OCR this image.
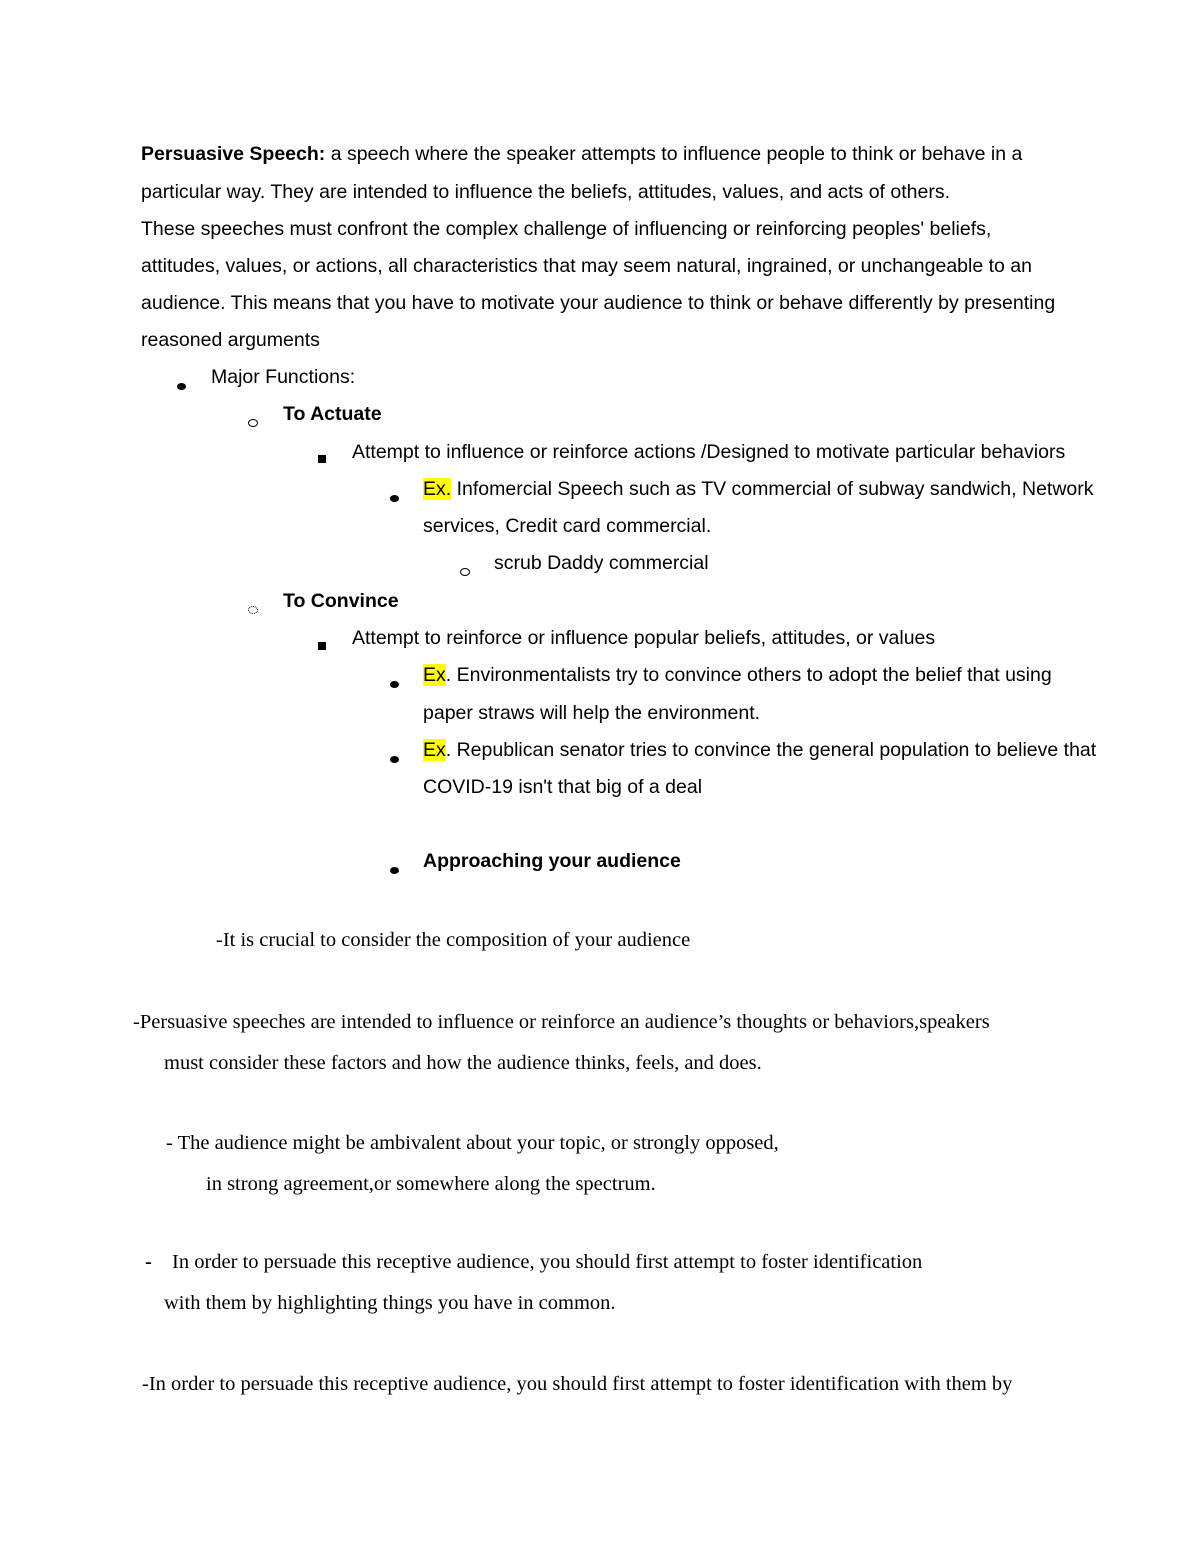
Persuasive Speech: a speech where the speaker attempts to influence people to think or behave in a
particular way. They are intended to influence the beliefs, attitudes, values, and acts of others.
These speeches must confront the complex challenge of influencing or reinforcing peoples' beliefs,
attitudes, values, or actions, all characteristics that may seem natural, ingrained, or unchangeable to an
audience. This means that you have to motivate your audience to think or behave differently by presenting
reasoned arguments
Major Functions:
To Actuate
Attempt to influence or reinforce actions /Designed to motivate particular behaviors
Ex. Infomercial Speech such as TV commercial of subway sandwich, Network
services, Credit card commercial.
scrub Daddy commercial
To Convince
Attempt to reinforce or influence popular beliefs, attitudes, or values
Ex. Environmentalists try to convince others to adopt the belief that using
paper straws will help the environment.
Ex. Republican senator tries to convince the general population to believe that
COVID-19 isn't that big of a deal
Approaching your audience
-It is crucial to consider the composition of your audience
-Persuasive speeches are intended to influence or reinforce an audience’s thoughts or behaviors,speakers
must consider these factors and how the audience thinks, feels, and does.
- The audience might be ambivalent about your topic, or strongly opposed,
in strong agreement,or somewhere along the spectrum.
- In order to persuade this receptive audience, you should first attempt to foster identification
with them by highlighting things you have in common.
-In order to persuade this receptive audience, you should first attempt to foster identification with them by
